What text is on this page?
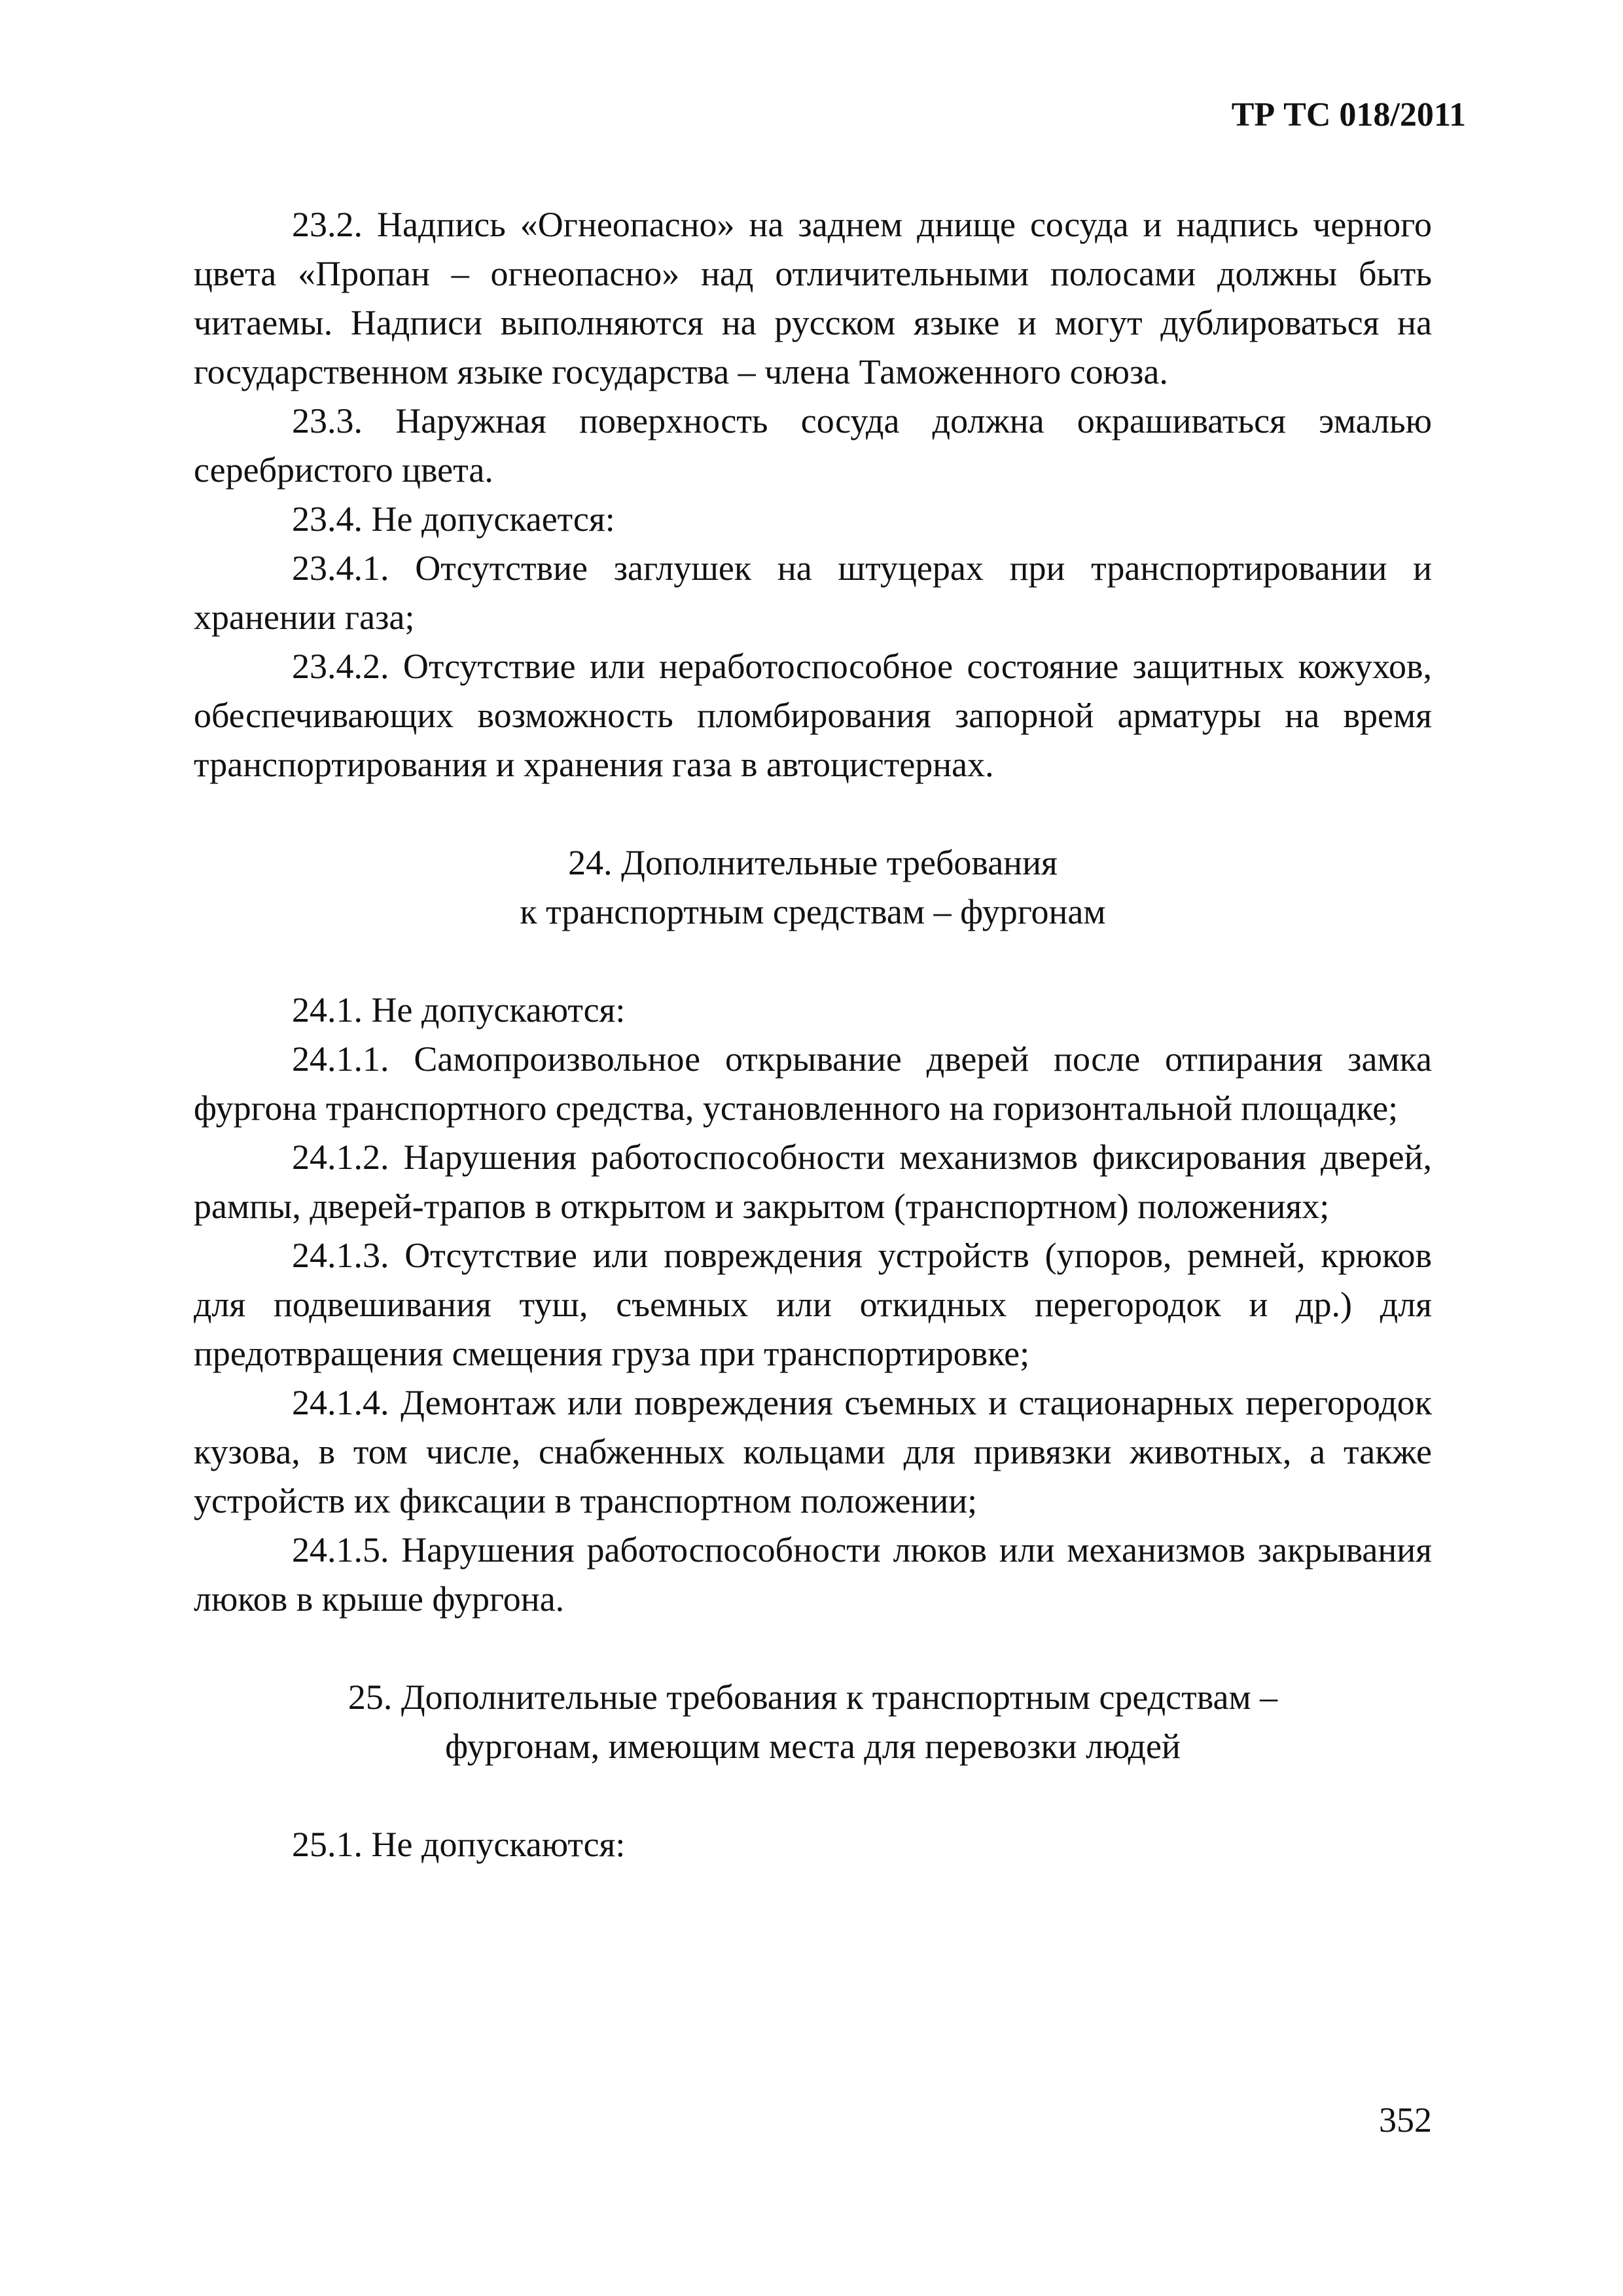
ТР ТС 018/2011

23.2. Надпись «Огнеопасно» на заднем днище сосуда и надпись черного цвета «Пропан – огнеопасно» над отличительными полосами должны быть читаемы. Надписи выполняются на русском языке и могут дублироваться на государственном языке государства – члена Таможенного союза.

23.3. Наружная поверхность сосуда должна окрашиваться эмалью серебристого цвета.

23.4. Не допускается:

23.4.1. Отсутствие заглушек на штуцерах при транспортировании и хранении газа;

23.4.2. Отсутствие или неработоспособное состояние защитных кожухов, обеспечивающих возможность пломбирования запорной арматуры на время транспортирования и хранения газа в автоцистернах.

24. Дополнительные требования
к транспортным средствам – фургонам

24.1. Не допускаются:

24.1.1. Самопроизвольное открывание дверей после отпирания замка фургона транспортного средства, установленного на горизонтальной площадке;

24.1.2. Нарушения работоспособности механизмов фиксирования дверей, рампы, дверей-трапов в открытом и закрытом (транспортном) положениях;

24.1.3. Отсутствие или повреждения устройств (упоров, ремней, крюков для подвешивания туш, съемных или откидных перегородок и др.) для предотвращения смещения груза при транспортировке;

24.1.4. Демонтаж или повреждения съемных и стационарных перегородок кузова, в том числе, снабженных кольцами для привязки животных, а также устройств их фиксации в транспортном положении;

24.1.5. Нарушения работоспособности люков или механизмов закрывания люков в крыше фургона.

25. Дополнительные требования к транспортным средствам –
фургонам, имеющим места для перевозки людей

25.1. Не допускаются:

352
